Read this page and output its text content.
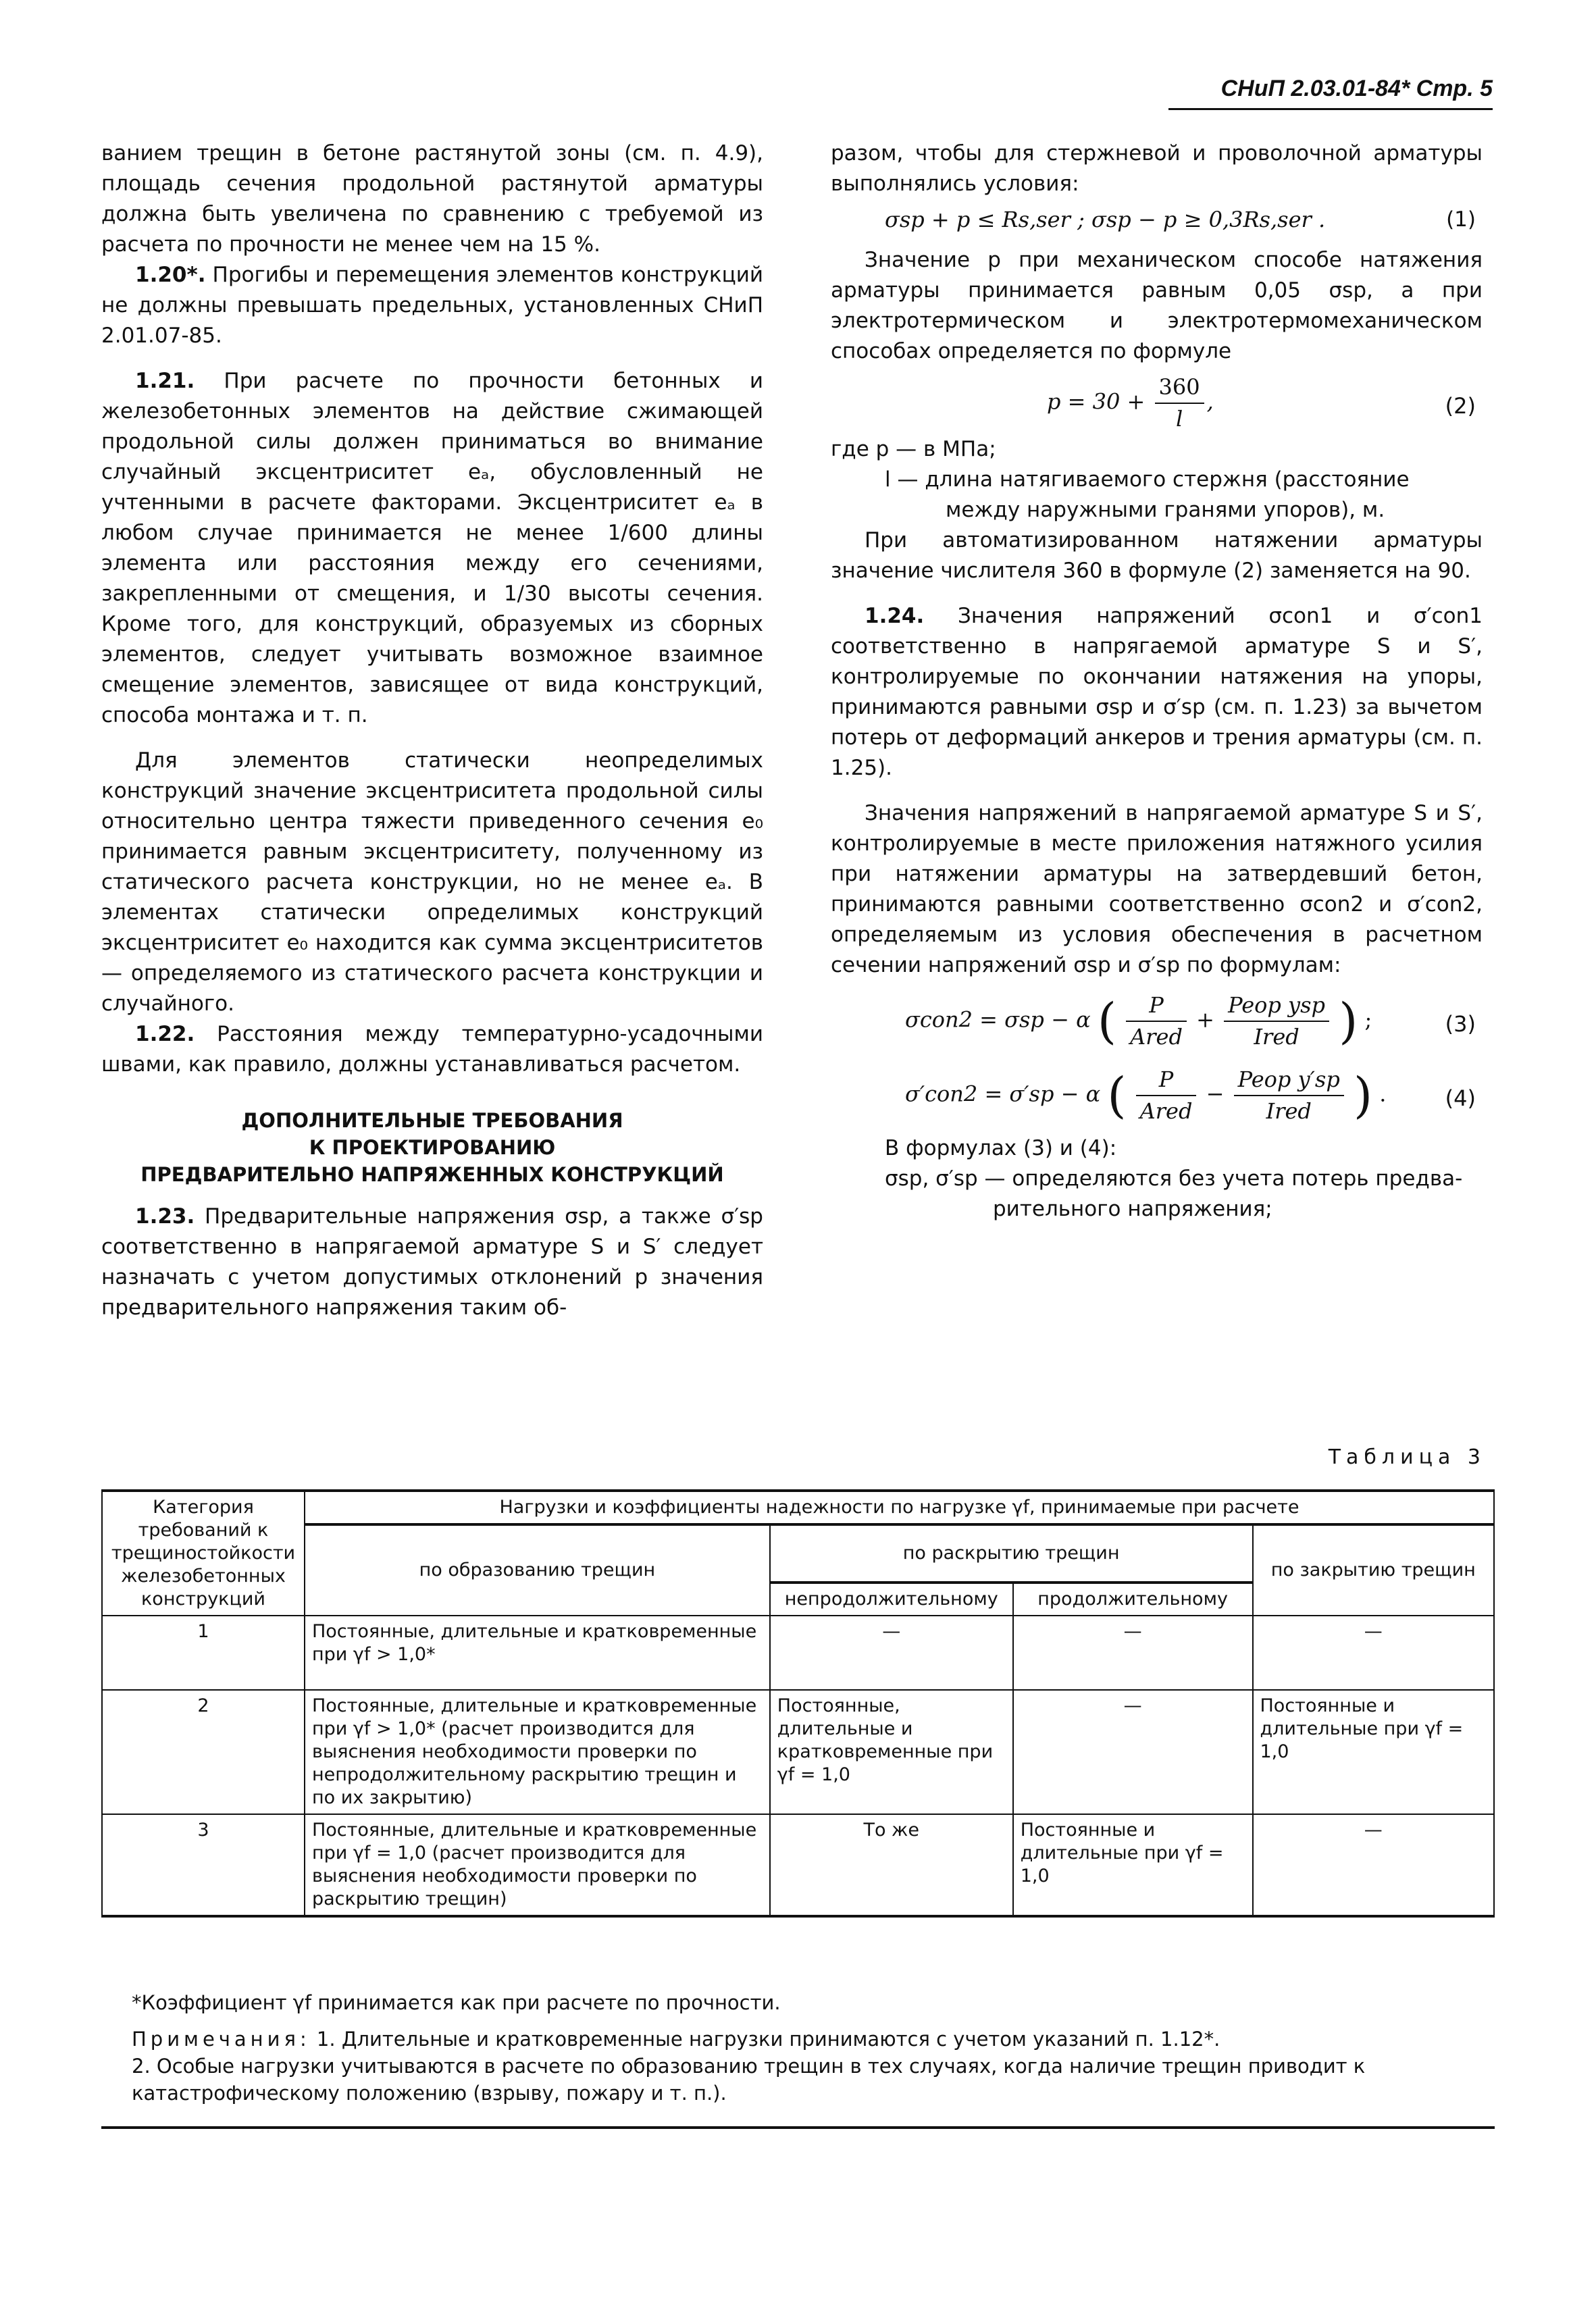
СНиП 2.03.01-84* Стр. 5

ванием трещин в бетоне растянутой зоны (см. п. 4.9), площадь сечения продольной растянутой арматуры должна быть увеличена по сравнению с требуемой из расчета по прочности не менее чем на 15 %.

1.20*. Прогибы и перемещения элементов конструкций не должны превышать предельных, установленных СНиП 2.01.07-85.

1.21. При расчете по прочности бетонных и железобетонных элементов на действие сжимающей продольной силы должен приниматься во внимание случайный эксцентриситет eₐ, обусловленный не учтенными в расчете факторами. Эксцентриситет eₐ в любом случае принимается не менее 1/600 длины элемента или расстояния между его сечениями, закрепленными от смещения, и 1/30 высоты сечения. Кроме того, для конструкций, образуемых из сборных элементов, следует учитывать возможное взаимное смещение элементов, зависящее от вида конструкций, способа монтажа и т. п.

Для элементов статически неопределимых конструкций значение эксцентриситета продольной силы относительно центра тяжести приведенного сечения e₀ принимается равным эксцентриситету, полученному из статического расчета конструкции, но не менее eₐ. В элементах статически определимых конструкций эксцентриситет e₀ находится как сумма эксцентриситетов — определяемого из статического расчета конструкции и случайного.

1.22. Расстояния между температурно-усадочными швами, как правило, должны устанавливаться расчетом.

ДОПОЛНИТЕЛЬНЫЕ ТРЕБОВАНИЯ
К ПРОЕКТИРОВАНИЮ
ПРЕДВАРИТЕЛЬНО НАПРЯЖЕННЫХ КОНСТРУКЦИЙ

1.23. Предварительные напряжения σsp, а также σ′sp соответственно в напрягаемой арматуре S и S′ следует назначать с учетом допустимых отклонений p значения предварительного напряжения таким об-

разом, чтобы для стержневой и проволочной арматуры выполнялись условия:

σsp + p ≤ Rs,ser ; σsp − p ≥ 0,3Rs,ser .	(1)

Значение p при механическом способе натяжения арматуры принимается равным 0,05 σsp, а при электротермическом и электротермомеханическом способах определяется по формуле

$p = 30 + \frac{360}{l}$ ,	(2)

где p — в МПа;

l — длина натягиваемого стержня (расстояние

между наружными гранями упоров), м.

При автоматизированном натяжении арматуры значение числителя 360 в формуле (2) заменяется на 90.

1.24. Значения напряжений σcon1 и σ′con1 соответственно в напрягаемой арматуре S и S′, контролируемые по окончании натяжения на упоры, принимаются равными σsp и σ′sp (см. п. 1.23) за вычетом потерь от деформаций анкеров и трения арматуры (см. п. 1.25).

Значения напряжений в напрягаемой арматуре S и S′, контролируемые в месте приложения натяжного усилия при натяжении арматуры на затвердевший бетон, принимаются равными соответственно σcon2 и σ′con2, определяемым из условия обеспечения в расчетном сечении напряжений σsp и σ′sp по формулам:

σcon2 = σsp − α ( $\frac{P}{\text{Ared}} + \frac{\text{Peop ysp}}{\text{Ired}}$ ) ;	(3)
σ′con2 = σ′sp − α ( $\frac{P}{\text{Ared}} - \frac{\text{Peop y′sp}}{\text{Ired}}$ ) .	(4)

В формулах (3) и (4):

σsp, σ′sp — определяются без учета потерь предва-

рительного напряжения;

Таблица 3
Категория требований к трещиностойкости железобетонных конструкций	Нагрузки и коэффициенты надежности по нагрузке γf, принимаемые при расчете			
	по образованию трещин	по раскрытию трещин		по закрытию трещин
		непродолжительному	продолжительному	
1	Постоянные, длительные и кратковременные при γf > 1,0*	—	—	—
2	Постоянные, длительные и кратковременные при γf > 1,0* (расчет производится для выяснения необходимости проверки по непродолжительному раскрытию трещин и по их закрытию)	Постоянные, длительные и кратковременные при γf = 1,0	—	Постоянные и длительные при γf = 1,0
3	Постоянные, длительные и кратковременные при γf = 1,0 (расчет производится для выяснения необходимости проверки по раскрытию трещин)	То же	Постоянные и длительные при γf = 1,0	—

*Коэффициент γf принимается как при расчете по прочности.

Примечания: 1. Длительные и кратковременные нагрузки принимаются с учетом указаний п. 1.12*.

2. Особые нагрузки учитываются в расчете по образованию трещин в тех случаях, когда наличие трещин приводит к катастрофическому положению (взрыву, пожару и т. п.).
